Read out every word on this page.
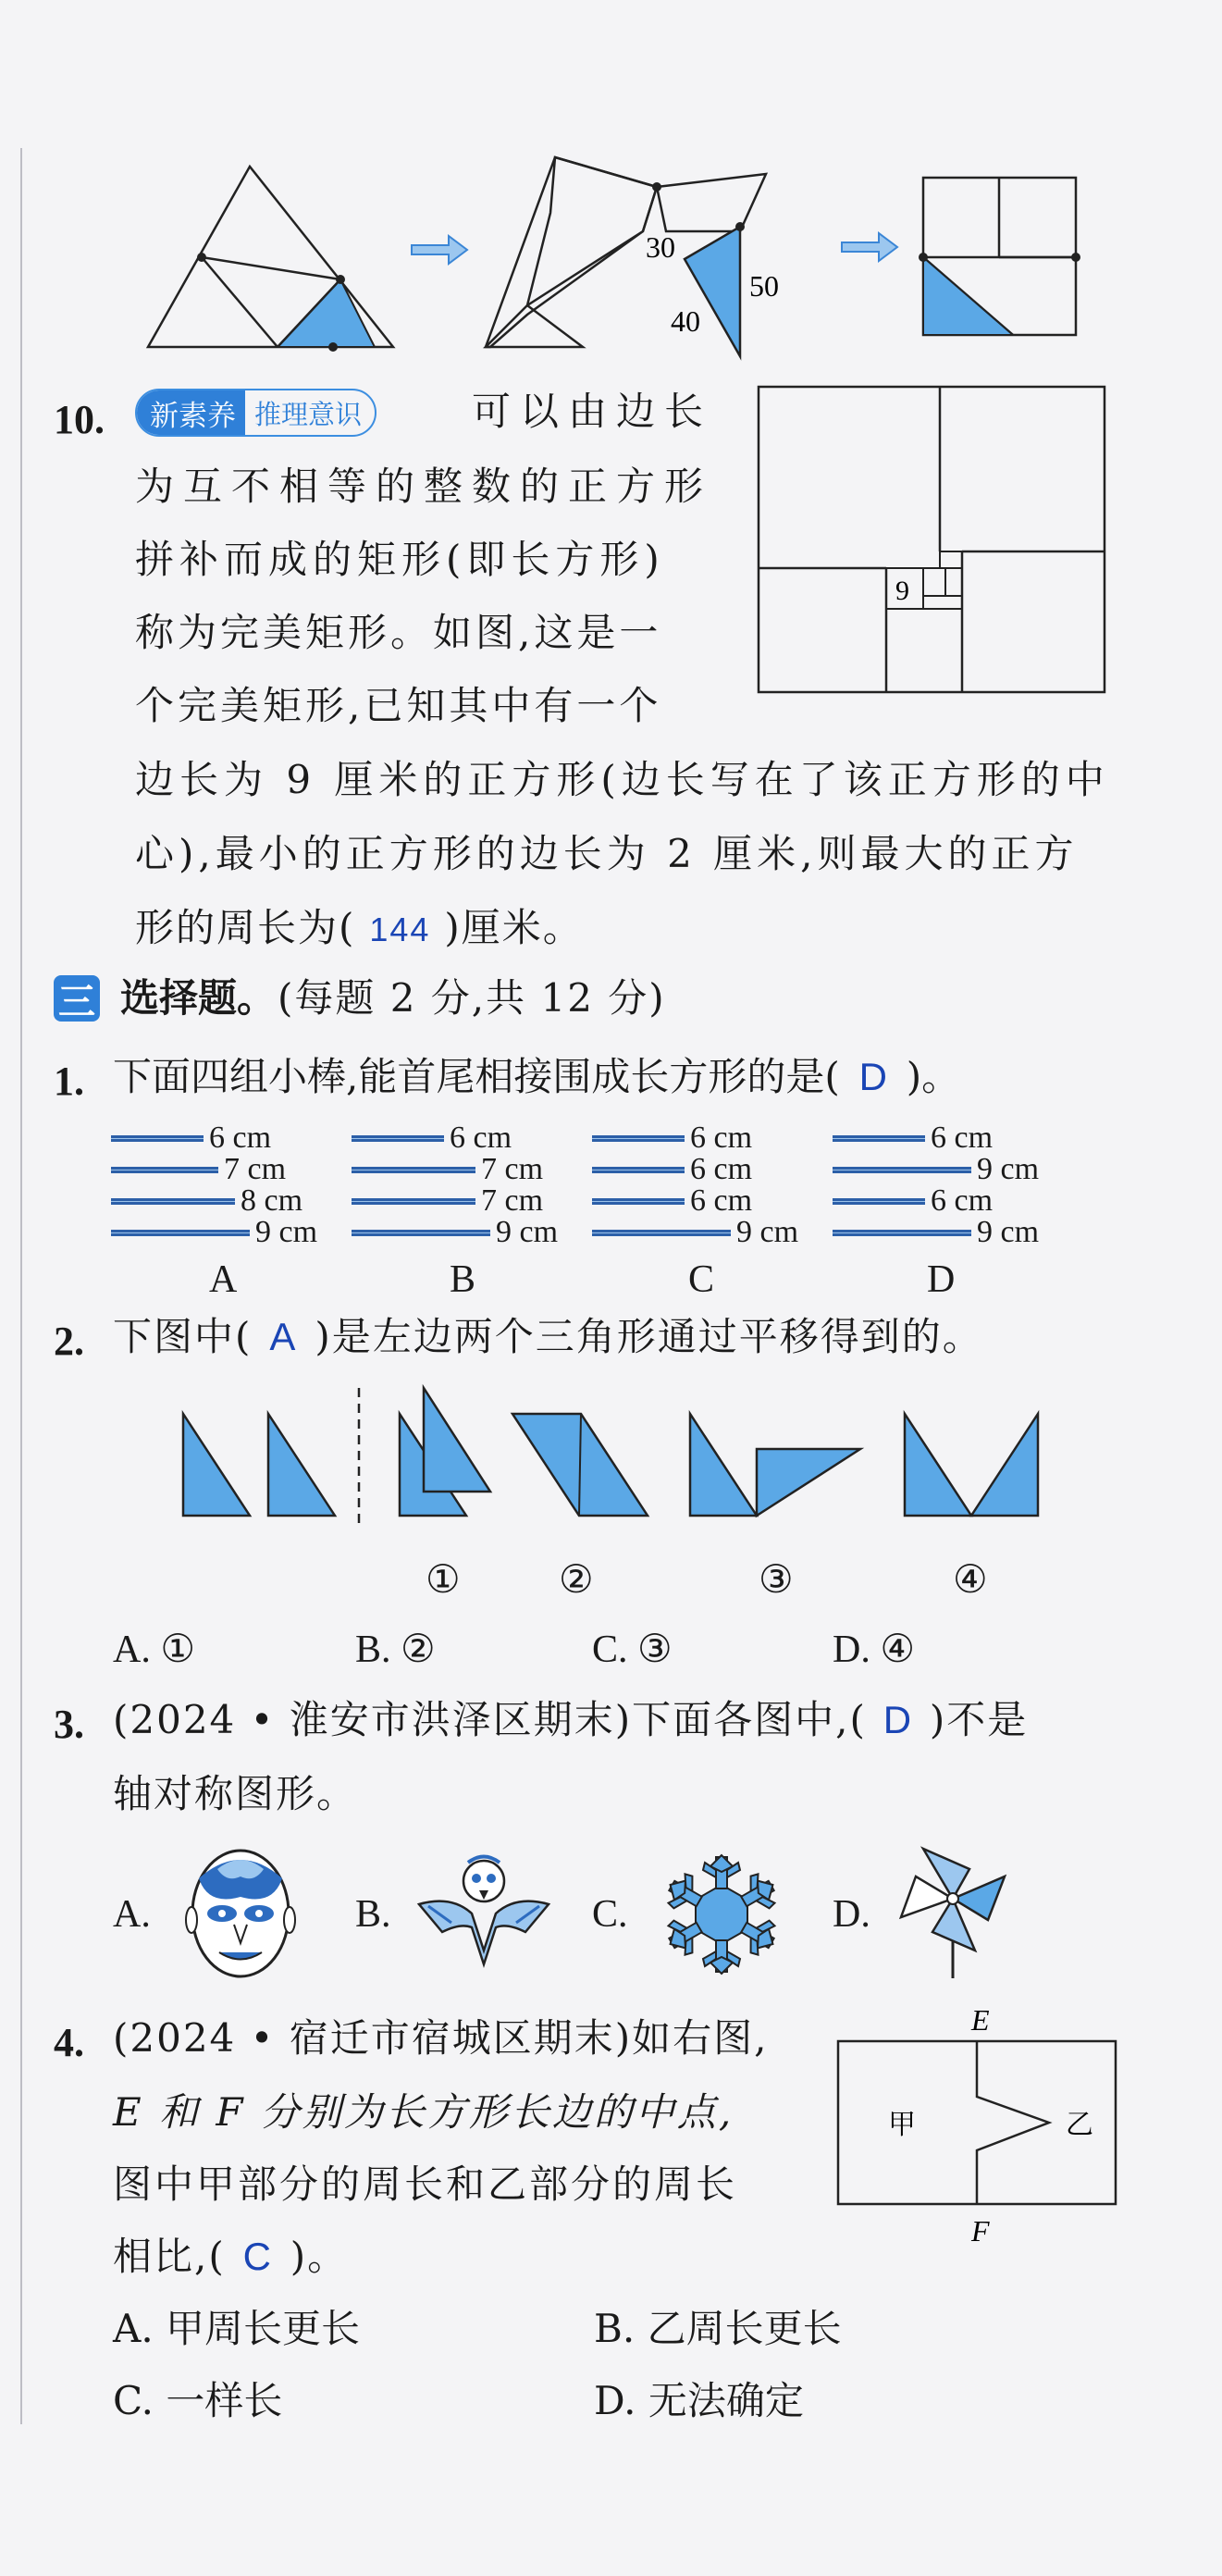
30
40
50
10.	新素养 推理意识	可以由边长
为互不相等的整数的正方形
拼补而成的矩形(即长方形)
称为完美矩形。如图,这是一
个完美矩形,已知其中有一个
边长为 9 厘米的正方形(边长写在了该正方形的中
心),最小的正方形的边长为 2 厘米,则最大的正方
形的周长为( 144 )厘米。
9
三 选择题。 (每题 2 分,共 12 分)
1. 下面四组小棒,能首尾相接围成长方形的是( D )。
6 cm
7 cm
8 cm
9 cm
6 cm
7 cm
7 cm
9 cm
6 cm
6 cm
6 cm
9 cm
6 cm
9 cm
6 cm
9 cm
A	B	C	D
2. 下图中( A )是左边两个三角形通过平移得到的。
①	②	③	④
A. ①	B. ②	C. ③	D. ④
3. (2024 • 淮安市洪泽区期末)下面各图中,( D )不是
轴对称图形。
A.	B.	C.	D.
4. (2024 • 宿迁市宿城区期末)如右图,
E 和 F 分别为长方形长边的中点,
图中甲部分的周长和乙部分的周长
相比,( C )。
E
F
甲	乙
A. 甲周长更长	B. 乙周长更长
C. 一样长	D. 无法确定
